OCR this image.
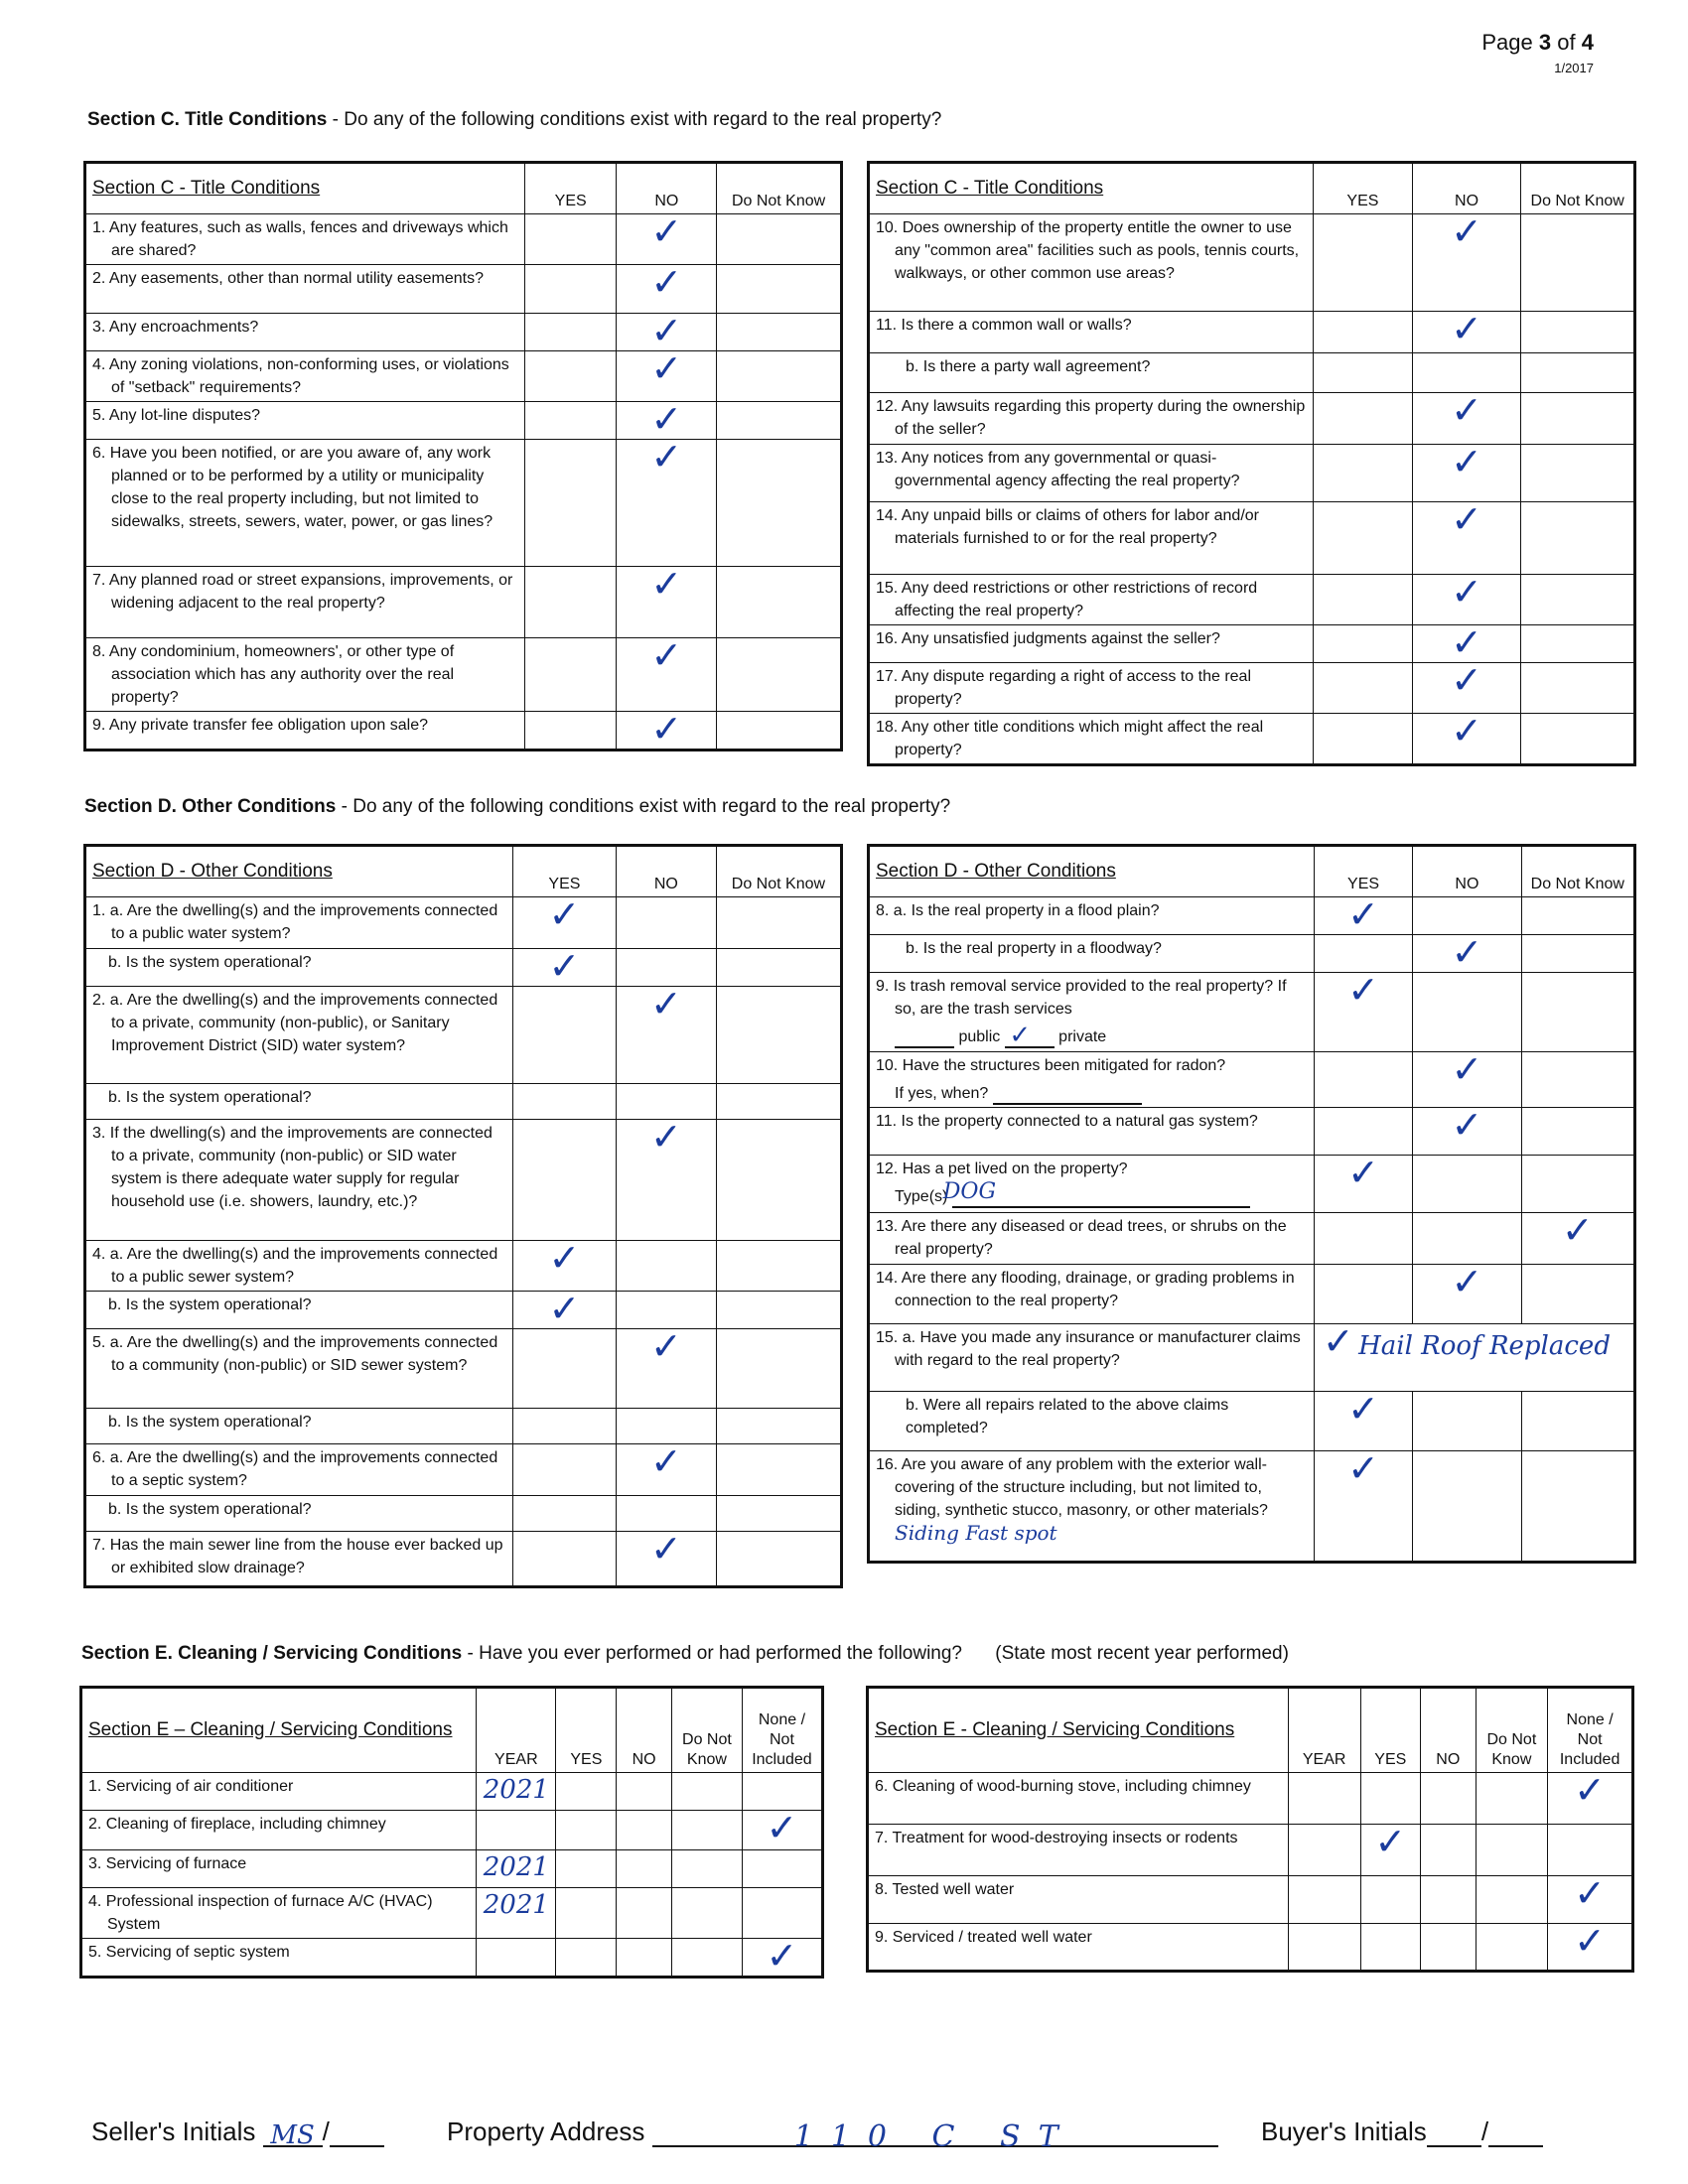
Page 3 of 4
1/2017
Section C. Title Conditions - Do any of the following conditions exist with regard to the real property?
Section C - Title Conditions	YES	NO	Do Not Know
1. Any features, such as walls, fences and driveways which are shared?		✓	
2. Any easements, other than normal utility easements?		✓	
3. Any encroachments?		✓	
4. Any zoning violations, non-conforming uses, or violations of "setback" requirements?		✓	
5. Any lot-line disputes?		✓	
6. Have you been notified, or are you aware of, any work planned or to be performed by a utility or municipality close to the real property including, but not limited to sidewalks, streets, sewers, water, power, or gas lines?		✓	
7. Any planned road or street expansions, improvements, or widening adjacent to the real property?		✓	
8. Any condominium, homeowners', or other type of association which has any authority over the real property?		✓	
9. Any private transfer fee obligation upon sale?		✓	
Section C - Title Conditions	YES	NO	Do Not Know
10. Does ownership of the property entitle the owner to use any "common area" facilities such as pools, tennis courts, walkways, or other common use areas?		✓	
11. Is there a common wall or walls?		✓	
b. Is there a party wall agreement?			
12. Any lawsuits regarding this property during the ownership of the seller?		✓	
13. Any notices from any governmental or quasi-governmental agency affecting the real property?		✓	
14. Any unpaid bills or claims of others for labor and/or materials furnished to or for the real property?		✓	
15. Any deed restrictions or other restrictions of record affecting the real property?		✓	
16. Any unsatisfied judgments against the seller?		✓	
17. Any dispute regarding a right of access to the real property?		✓	
18. Any other title conditions which might affect the real property?		✓	
Section D. Other Conditions - Do any of the following conditions exist with regard to the real property?
Section D - Other Conditions	YES	NO	Do Not Know
1. a. Are the dwelling(s) and the improvements connected to a public water system?	✓		
b. Is the system operational?	✓		
2. a. Are the dwelling(s) and the improvements connected to a private, community (non-public), or Sanitary Improvement District (SID) water system?		✓	
b. Is the system operational?			
3. If the dwelling(s) and the improvements are connected to a private, community (non-public) or SID water system is there adequate water supply for regular household use (i.e. showers, laundry, etc.)?		✓	
4. a. Are the dwelling(s) and the improvements connected to a public sewer system?	✓		
b. Is the system operational?	✓		
5. a. Are the dwelling(s) and the improvements connected to a community (non-public) or SID sewer system?		✓	
b. Is the system operational?			
6. a. Are the dwelling(s) and the improvements connected to a septic system?		✓	
b. Is the system operational?			
7. Has the main sewer line from the house ever backed up or exhibited slow drainage?		✓	
Section D - Other Conditions	YES	NO	Do Not Know
8. a. Is the real property in a flood plain?	✓		
b. Is the real property in a floodway?		✓	
9. Is trash removal service provided to the real property? If so, are the trash services
public ✓ private	✓		
10. Have the structures been mitigated for radon?
If yes, when?		✓	
11. Is the property connected to a natural gas system?		✓	
12. Has a pet lived on the property?
Type(s) DOG	✓		
13. Are there any diseased or dead trees, or shrubs on the real property?			✓
14. Are there any flooding, drainage, or grading problems in connection to the real property?		✓	
15. a. Have you made any insurance or manufacturer claims with regard to the real property?	✓ Hail Roof Replaced		
b. Were all repairs related to the above claims completed?	✓		
16. Are you aware of any problem with the exterior wall-covering of the structure including, but not limited to, siding, synthetic stucco, masonry, or other materials? Siding Fast spot	✓		
Section E. Cleaning / Servicing Conditions - Have you ever performed or had performed the following? (State most recent year performed)
Section E – Cleaning / Servicing Conditions	YEAR	YES	NO	Do Not Know	None / Not Included
1. Servicing of air conditioner	2021				
2. Cleaning of fireplace, including chimney					✓
3. Servicing of furnace	2021				
4. Professional inspection of furnace A/C (HVAC) System	2021				
5. Servicing of septic system					✓
Section E - Cleaning / Servicing Conditions	YEAR	YES	NO	Do Not Know	None / Not Included
6. Cleaning of wood-burning stove, including chimney					✓
7. Treatment for wood-destroying insects or rodents		✓			
8. Tested well water					✓
9. Serviced / treated well water					✓
Seller's Initials MS /	Property Address	110 C ST	Buyer's Initials /
